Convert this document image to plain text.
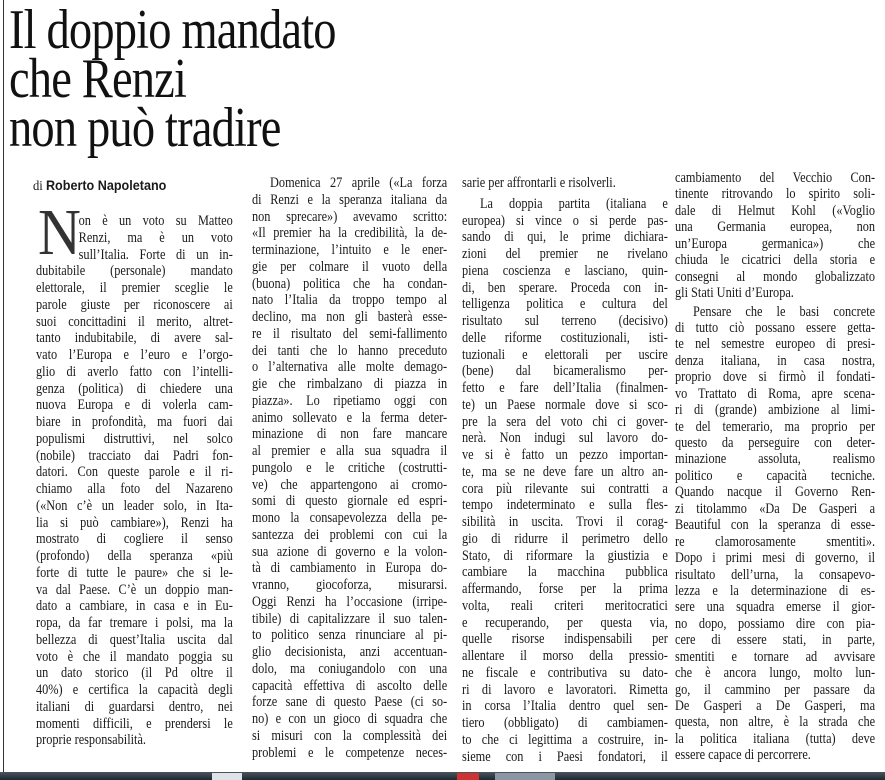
Il doppio mandato
che Renzi
non può tradire
di Roberto Napoletano
N
on è un voto su Matteo
Renzi, ma è un voto
sull’Italia. Forte di un in-
dubitabile (personale) mandato
elettorale, il premier sceglie le
parole giuste per riconoscere ai
suoi concittadini il merito, altret-
tanto indubitabile, di avere sal-
vato l’Europa e l’euro e l’orgo-
glio di averlo fatto con l’intelli-
genza (politica) di chiedere una
nuova Europa e di volerla cam-
biare in profondità, ma fuori dai
populismi distruttivi, nel solco
(nobile) tracciato dai Padri fon-
datori. Con queste parole e il ri-
chiamo alla foto del Nazareno
(«Non c’è un leader solo, in Ita-
lia si può cambiare»), Renzi ha
mostrato di cogliere il senso
(profondo) della speranza «più
forte di tutte le paure» che si le-
va dal Paese. C’è un doppio man-
dato a cambiare, in casa e in Eu-
ropa, da far tremare i polsi, ma la
bellezza di quest’Italia uscita dal
voto è che il mandato poggia su
un dato storico (il Pd oltre il
40%) e certifica la capacità degli
italiani di guardarsi dentro, nei
momenti difficili, e prendersi le
proprie responsabilità.
Domenica 27 aprile («La forza
di Renzi e la speranza italiana da
non sprecare») avevamo scritto:
«Il premier ha la credibilità, la de-
terminazione, l’intuito e le ener-
gie per colmare il vuoto della
(buona) politica che ha condan-
nato l’Italia da troppo tempo al
declino, ma non gli basterà esse-
re il risultato del semi-fallimento
dei tanti che lo hanno preceduto
o l’alternativa alle molte demago-
gie che rimbalzano di piazza in
piazza». Lo ripetiamo oggi con
animo sollevato e la ferma deter-
minazione di non fare mancare
al premier e alla sua squadra il
pungolo e le critiche (costrutti-
ve) che appartengono ai cromo-
somi di questo giornale ed espri-
mono la consapevolezza della pe-
santezza dei problemi con cui la
sua azione di governo e la volon-
tà di cambiamento in Europa do-
vranno, giocoforza, misurarsi.
Oggi Renzi ha l’occasione (irripe-
tibile) di capitalizzare il suo talen-
to politico senza rinunciare al pi-
glio decisionista, anzi accentuan-
dolo, ma coniugandolo con una
capacità effettiva di ascolto delle
forze sane di questo Paese (ci so-
no) e con un gioco di squadra che
si misuri con la complessità dei
problemi e le competenze neces-
sarie per affrontarli e risolverli.
La doppia partita (italiana e
europea) si vince o si perde pas-
sando di qui, le prime dichiara-
zioni del premier ne rivelano
piena coscienza e lasciano, quin-
di, ben sperare. Proceda con in-
telligenza politica e cultura del
risultato sul terreno (decisivo)
delle riforme costituzionali, isti-
tuzionali e elettorali per uscire
(bene) dal bicameralismo per-
fetto e fare dell’Italia (finalmen-
te) un Paese normale dove si sco-
pre la sera del voto chi ci gover-
nerà. Non indugi sul lavoro do-
ve si è fatto un pezzo importan-
te, ma se ne deve fare un altro an-
cora più rilevante sui contratti a
tempo indeterminato e sulla fles-
sibilità in uscita. Trovi il corag-
gio di ridurre il perimetro dello
Stato, di riformare la giustizia e
cambiare la macchina pubblica
affermando, forse per la prima
volta, reali criteri meritocratici
e recuperando, per questa via,
quelle risorse indispensabili per
allentare il morso della pressio-
ne fiscale e contributiva su dato-
ri di lavoro e lavoratori. Rimetta
in corsa l’Italia dentro quel sen-
tiero (obbligato) di cambiamen-
to che ci legittima a costruire, in-
sieme con i Paesi fondatori, il
cambiamento del Vecchio Con-
tinente ritrovando lo spirito soli-
dale di Helmut Kohl («Voglio
una Germania europea, non
un’Europa germanica») che
chiuda le cicatrici della storia e
consegni al mondo globalizzato
gli Stati Uniti d’Europa.
Pensare che le basi concrete
di tutto ciò possano essere getta-
te nel semestre europeo di presi-
denza italiana, in casa nostra,
proprio dove si firmò il fondati-
vo Trattato di Roma, apre scena-
ri di (grande) ambizione al limi-
te del temerario, ma proprio per
questo da perseguire con deter-
minazione assoluta, realismo
politico e capacità tecniche.
Quando nacque il Governo Ren-
zi titolammo «Da De Gasperi a
Beautiful con la speranza di esse-
re clamorosamente smentiti».
Dopo i primi mesi di governo, il
risultato dell’urna, la consapevo-
lezza e la determinazione di es-
sere una squadra emerse il gior-
no dopo, possiamo dire con pia-
cere di essere stati, in parte,
smentiti e tornare ad avvisare
che è ancora lungo, molto lun-
go, il cammino per passare da
De Gasperi a De Gasperi, ma
questa, non altre, è la strada che
la politica italiana (tutta) deve
essere capace di percorrere.
